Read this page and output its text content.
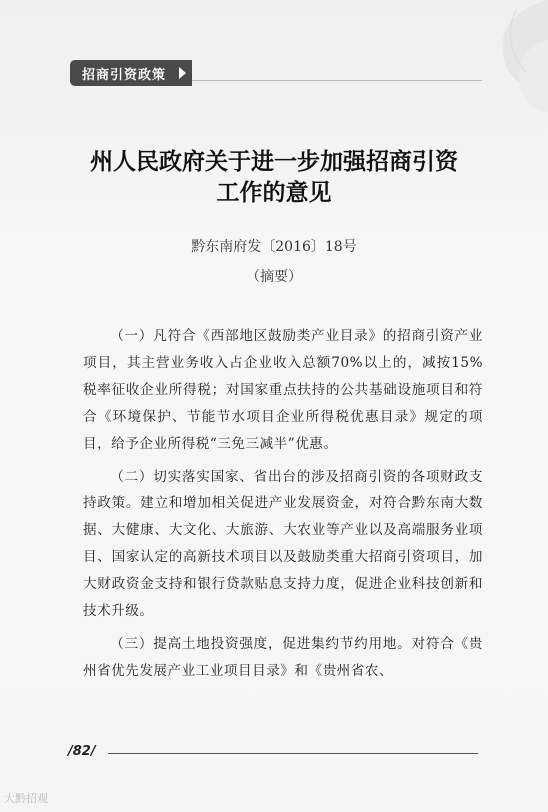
招商引资政策
州人民政府关于进一步加强招商引资
工作的意见
黔东南府发〔2016〕18号
（摘要）

（一）凡符合《西部地区鼓励类产业目录》的招商引资产业项目，其主营业务收入占企业收入总额70%以上的，减按15%税率征收企业所得税；对国家重点扶持的公共基础设施项目和符合《环境保护、节能节水项目企业所得税优惠目录》规定的项目，给予企业所得税“三免三减半”优惠。

（二）切实落实国家、省出台的涉及招商引资的各项财政支持政策。建立和增加相关促进产业发展资金，对符合黔东南大数据、大健康、大文化、大旅游、大农业等产业以及高端服务业项目、国家认定的高新技术项目以及鼓励类重大招商引资项目，加大财政资金支持和银行贷款贴息支持力度，促进企业科技创新和技术升级。

（三）提高土地投资强度，促进集约节约用地。对符合《贵州省优先发展产业工业项目目录》和《贵州省农、

/82/
大黔招观
